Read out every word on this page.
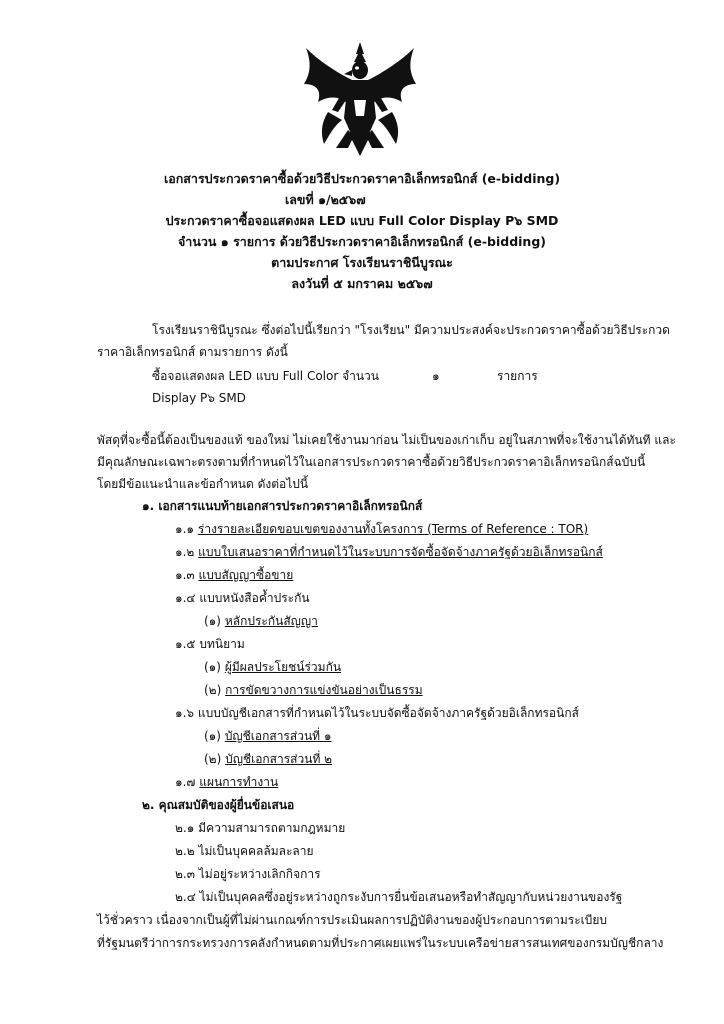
เอกสารประกวดราคาซื้อด้วยวิธีประกวดราคาอิเล็กทรอนิกส์ (e-bidding)
เลขที่ ๑/๒๕๖๗
ประกวดราคาซื้อจอแสดงผล LED แบบ Full Color Display P๖ SMD
จำนวน ๑ รายการ ด้วยวิธีประกวดราคาอิเล็กทรอนิกส์ (e-bidding)
ตามประกาศ โรงเรียนราชินีบูรณะ
ลงวันที่ ๕ มกราคม ๒๕๖๗
โรงเรียนราชินีบูรณะ ซึ่งต่อไปนี้เรียกว่า "โรงเรียน" มีความประสงค์จะประกวดราคาซื้อด้วยวิธีประกวด
ราคาอิเล็กทรอนิกส์ ตามรายการ ดังนี้
ซื้อจอแสดงผล LED แบบ Full Color จำนวน	๑	รายการ
Display P๖ SMD
พัสดุที่จะซื้อนี้ต้องเป็นของแท้ ของใหม่ ไม่เคยใช้งานมาก่อน ไม่เป็นของเก่าเก็บ อยู่ในสภาพที่จะใช้งานได้ทันที และ
มีคุณลักษณะเฉพาะตรงตามที่กำหนดไว้ในเอกสารประกวดราคาซื้อด้วยวิธีประกวดราคาอิเล็กทรอนิกส์ฉบับนี้
โดยมีข้อแนะนำและข้อกำหนด ดังต่อไปนี้
๑. เอกสารแนบท้ายเอกสารประกวดราคาอิเล็กทรอนิกส์
๑.๑ ร่างรายละเอียดขอบเขตของงานทั้งโครงการ (Terms of Reference : TOR)
๑.๒ แบบใบเสนอราคาที่กำหนดไว้ในระบบการจัดซื้อจัดจ้างภาครัฐด้วยอิเล็กทรอนิกส์
๑.๓ แบบสัญญาซื้อขาย
๑.๔ แบบหนังสือค้ำประกัน
(๑) หลักประกันสัญญา
๑.๕ บทนิยาม
(๑) ผู้มีผลประโยชน์ร่วมกัน
(๒) การขัดขวางการแข่งขันอย่างเป็นธรรม
๑.๖ แบบบัญชีเอกสารที่กำหนดไว้ในระบบจัดซื้อจัดจ้างภาครัฐด้วยอิเล็กทรอนิกส์
(๑) บัญชีเอกสารส่วนที่ ๑
(๒) บัญชีเอกสารส่วนที่ ๒
๑.๗ แผนการทำงาน
๒. คุณสมบัติของผู้ยื่นข้อเสนอ
๒.๑ มีความสามารถตามกฎหมาย
๒.๒ ไม่เป็นบุคคลล้มละลาย
๒.๓ ไม่อยู่ระหว่างเลิกกิจการ
๒.๔ ไม่เป็นบุคคลซึ่งอยู่ระหว่างถูกระงับการยื่นข้อเสนอหรือทำสัญญากับหน่วยงานของรัฐ
ไว้ชั่วคราว เนื่องจากเป็นผู้ที่ไม่ผ่านเกณฑ์การประเมินผลการปฏิบัติงานของผู้ประกอบการตามระเบียบ
ที่รัฐมนตรีว่าการกระทรวงการคลังกำหนดตามที่ประกาศเผยแพร่ในระบบเครือข่ายสารสนเทศของกรมบัญชีกลาง
